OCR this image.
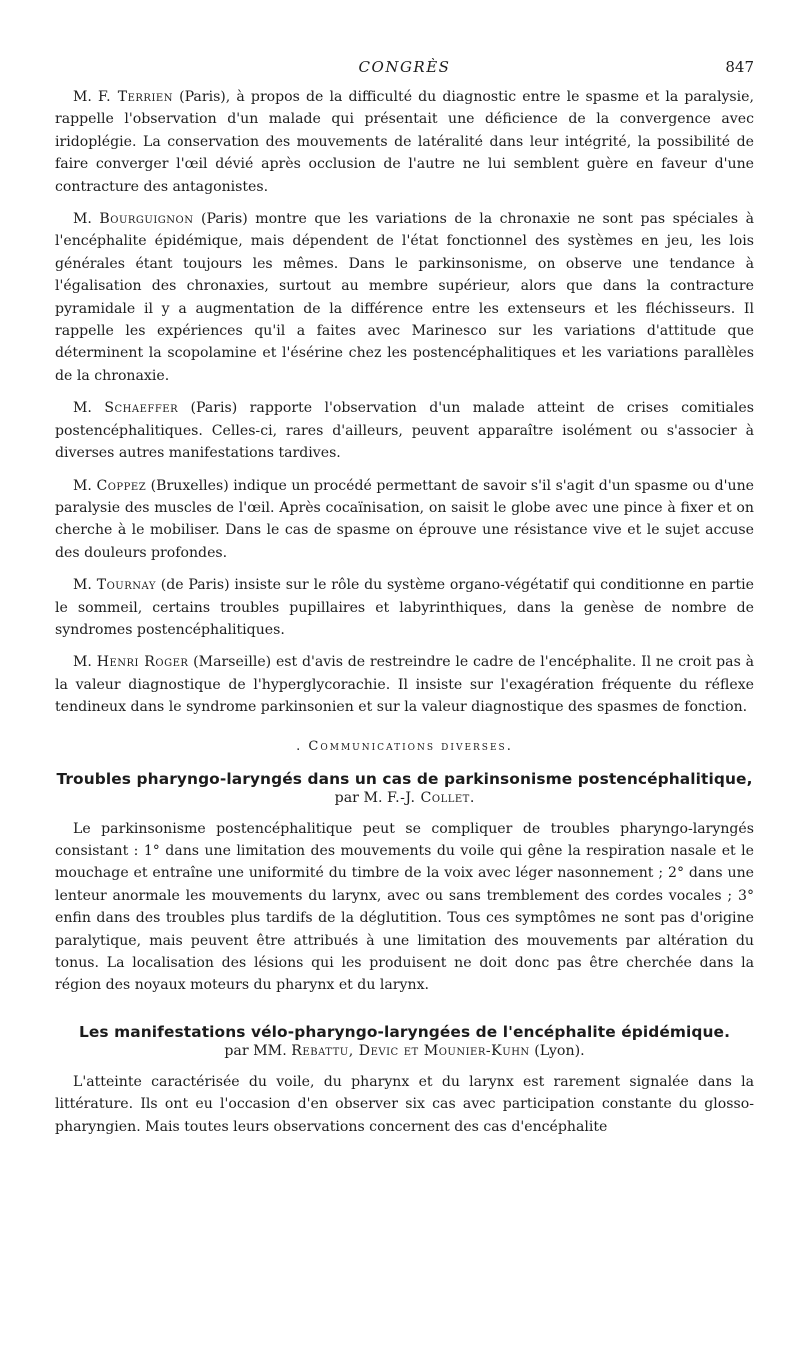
CONGRÈS	847

M. F. Terrien (Paris), à propos de la difficulté du diagnostic entre le spasme et la paralysie, rappelle l'observation d'un malade qui présentait une déficience de la convergence avec iridoplégie. La conservation des mouvements de latéralité dans leur intégrité, la possibilité de faire converger l'œil dévié après occlusion de l'autre ne lui semblent guère en faveur d'une contracture des antagonistes.

M. Bourguignon (Paris) montre que les variations de la chronaxie ne sont pas spéciales à l'encéphalite épidémique, mais dépendent de l'état fonctionnel des systèmes en jeu, les lois générales étant toujours les mêmes. Dans le parkinsonisme, on observe une tendance à l'égalisation des chronaxies, surtout au membre supérieur, alors que dans la contracture pyramidale il y a augmentation de la différence entre les extenseurs et les fléchisseurs. Il rappelle les expériences qu'il a faites avec Marinesco sur les variations d'attitude que déterminent la scopolamine et l'ésérine chez les postencéphalitiques et les variations parallèles de la chronaxie.

M. Schaeffer (Paris) rapporte l'observation d'un malade atteint de crises comitiales postencéphalitiques. Celles-ci, rares d'ailleurs, peuvent apparaître isolément ou s'associer à diverses autres manifestations tardives.

M. Coppez (Bruxelles) indique un procédé permettant de savoir s'il s'agit d'un spasme ou d'une paralysie des muscles de l'œil. Après cocaïnisation, on saisit le globe avec une pince à fixer et on cherche à le mobiliser. Dans le cas de spasme on éprouve une résistance vive et le sujet accuse des douleurs profondes.

M. Tournay (de Paris) insiste sur le rôle du système organo-végétatif qui conditionne en partie le sommeil, certains troubles pupillaires et labyrinthiques, dans la genèse de nombre de syndromes postencéphalitiques.

M. Henri Roger (Marseille) est d'avis de restreindre le cadre de l'encéphalite. Il ne croit pas à la valeur diagnostique de l'hyperglycorachie. Il insiste sur l'exagération fréquente du réflexe tendineux dans le syndrome parkinsonien et sur la valeur diagnostique des spasmes de fonction.

. Communications diverses.
Troubles pharyngo-laryngés dans un cas de parkinsonisme postencéphalitique,
par M. F.-J. Collet.

Le parkinsonisme postencéphalitique peut se compliquer de troubles pharyngo-laryngés consistant : 1° dans une limitation des mouvements du voile qui gêne la respiration nasale et le mouchage et entraîne une uniformité du timbre de la voix avec léger nasonnement ; 2° dans une lenteur anormale les mouvements du larynx, avec ou sans tremblement des cordes vocales ; 3° enfin dans des troubles plus tardifs de la déglutition. Tous ces symptômes ne sont pas d'origine paralytique, mais peuvent être attribués à une limitation des mouvements par altération du tonus. La localisation des lésions qui les produisent ne doit donc pas être cherchée dans la région des noyaux moteurs du pharynx et du larynx.

Les manifestations vélo-pharyngo-laryngées de l'encéphalite épidémique.
par MM. Rebattu, Devic et Mounier-Kuhn (Lyon).

L'atteinte caractérisée du voile, du pharynx et du larynx est rarement signalée dans la littérature. Ils ont eu l'occasion d'en observer six cas avec participation constante du glosso-pharyngien. Mais toutes leurs observations concernent des cas d'encéphalite
